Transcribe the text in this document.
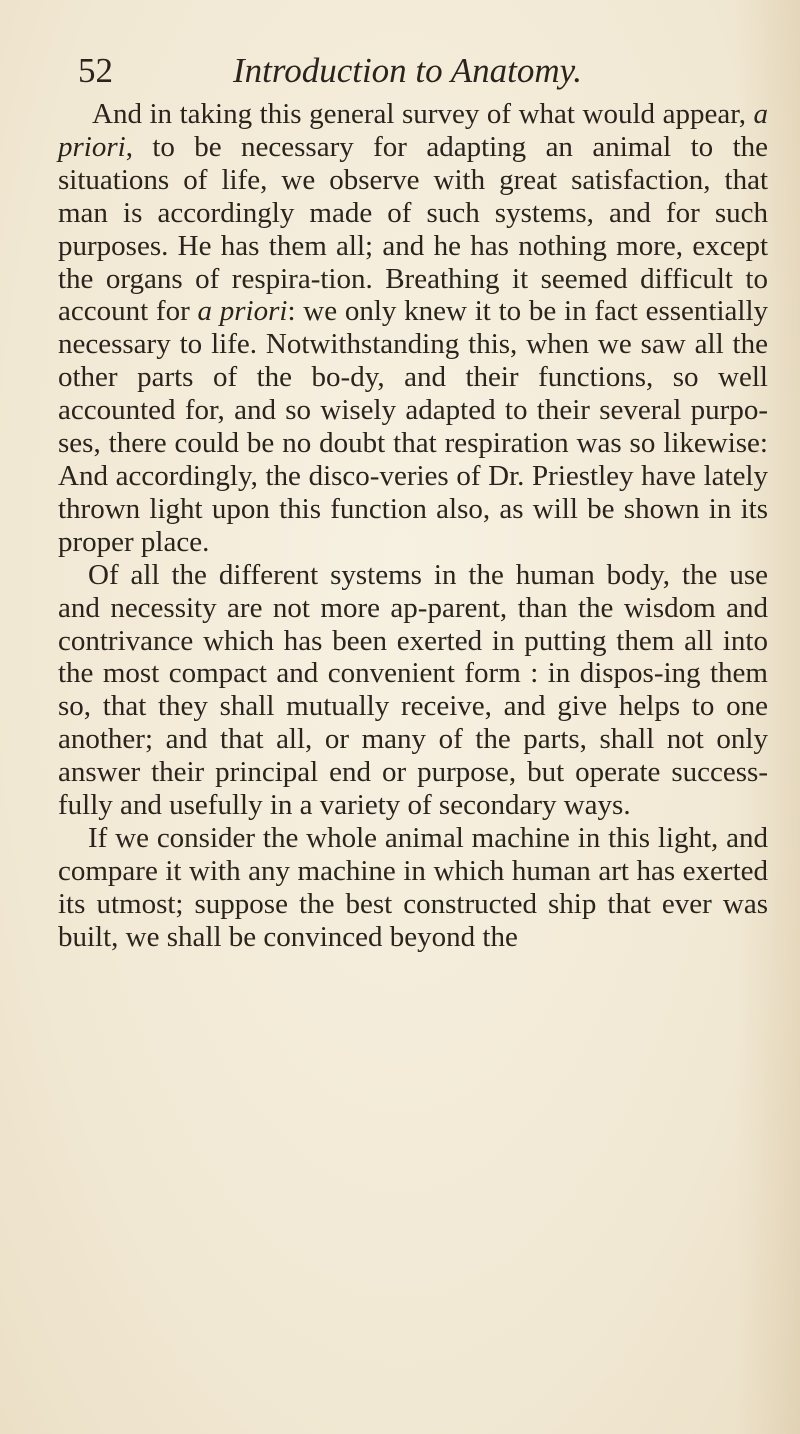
52	Introduction to Anatomy.

And in taking this general survey of what would appear, a priori, to be necessary for adapting an animal to the situations of life, we observe with great satisfaction, that man is accordingly made of such systems, and for such purposes. He has them all; and he has nothing more, except the organs of respira-tion. Breathing it seemed difficult to account for a priori: we only knew it to be in fact essentially necessary to life. Notwithstanding this, when we saw all the other parts of the bo-dy, and their functions, so well accounted for, and so wisely adapted to their several purpo-ses, there could be no doubt that respiration was so likewise: And accordingly, the disco-veries of Dr. Priestley have lately thrown light upon this function also, as will be shown in its proper place.

Of all the different systems in the human body, the use and necessity are not more ap-parent, than the wisdom and contrivance which has been exerted in putting them all into the most compact and convenient form : in dispos-ing them so, that they shall mutually receive, and give helps to one another; and that all, or many of the parts, shall not only answer their principal end or purpose, but operate success-fully and usefully in a variety of secondary ways.

If we consider the whole animal machine in this light, and compare it with any machine in which human art has exerted its utmost; suppose the best constructed ship that ever was built, we shall be convinced beyond the
